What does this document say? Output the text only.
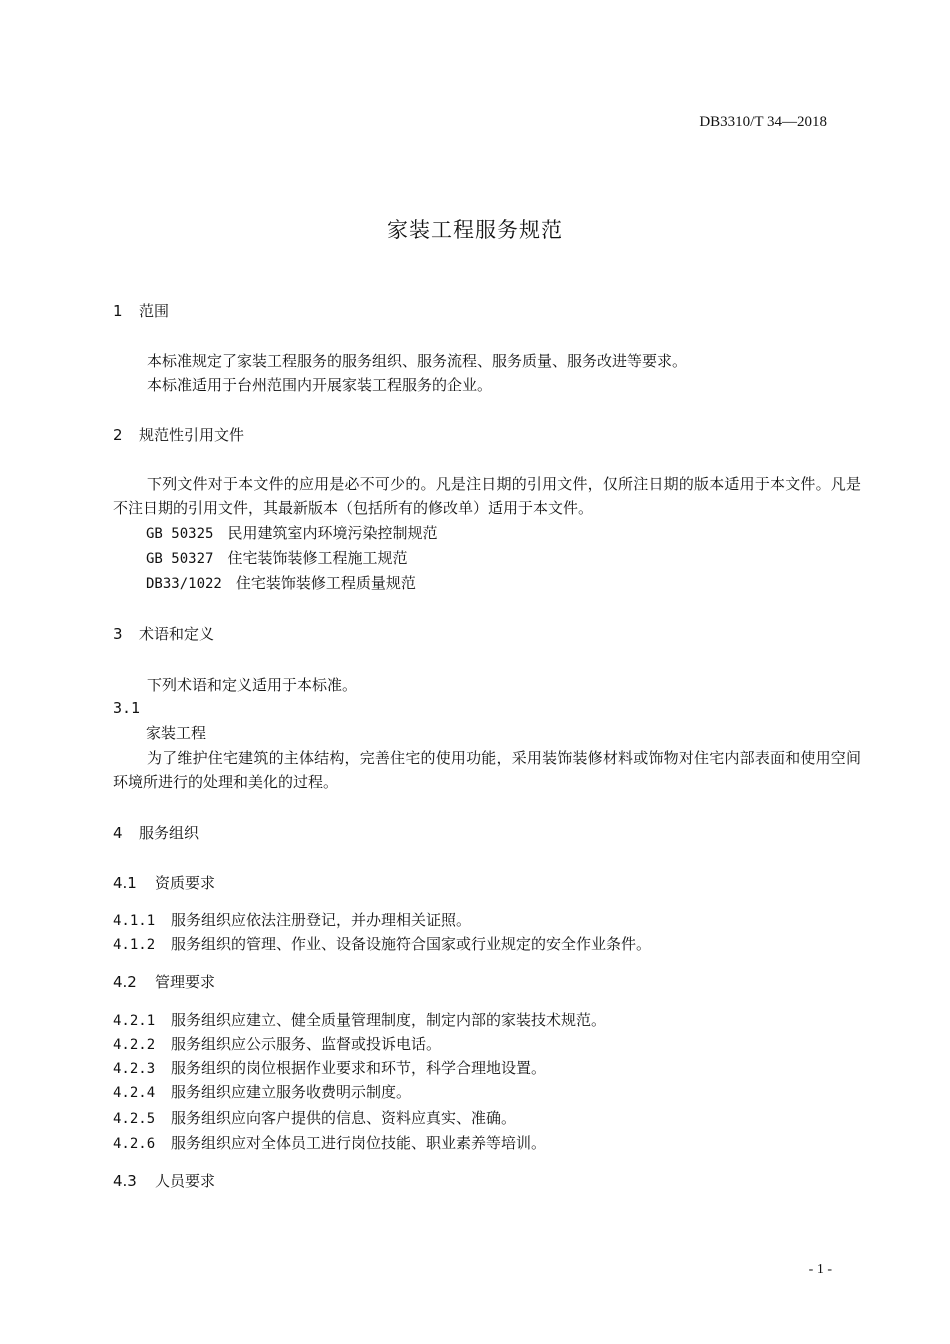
DB3310/T 34—2018
家装工程服务规范
1 范围
本标准规定了家装工程服务的服务组织、服务流程、服务质量、服务改进等要求。
本标准适用于台州范围内开展家装工程服务的企业。
2 规范性引用文件
下列文件对于本文件的应用是必不可少的。凡是注日期的引用文件，仅所注日期的版本适用于本文件。凡是不注日期的引用文件，其最新版本（包括所有的修改单）适用于本文件。
GB 50325 民用建筑室内环境污染控制规范
GB 50327 住宅装饰装修工程施工规范
DB33/1022 住宅装饰装修工程质量规范
3 术语和定义
下列术语和定义适用于本标准。
3.1
家装工程
为了维护住宅建筑的主体结构，完善住宅的使用功能，采用装饰装修材料或饰物对住宅内部表面和使用空间环境所进行的处理和美化的过程。
4 服务组织
4.1 资质要求
4.1.1 服务组织应依法注册登记，并办理相关证照。
4.1.2 服务组织的管理、作业、设备设施符合国家或行业规定的安全作业条件。
4.2 管理要求
4.2.1 服务组织应建立、健全质量管理制度，制定内部的家装技术规范。
4.2.2 服务组织应公示服务、监督或投诉电话。
4.2.3 服务组织的岗位根据作业要求和环节，科学合理地设置。
4.2.4 服务组织应建立服务收费明示制度。
4.2.5 服务组织应向客户提供的信息、资料应真实、准确。
4.2.6 服务组织应对全体员工进行岗位技能、职业素养等培训。
4.3 人员要求
- 1 -
